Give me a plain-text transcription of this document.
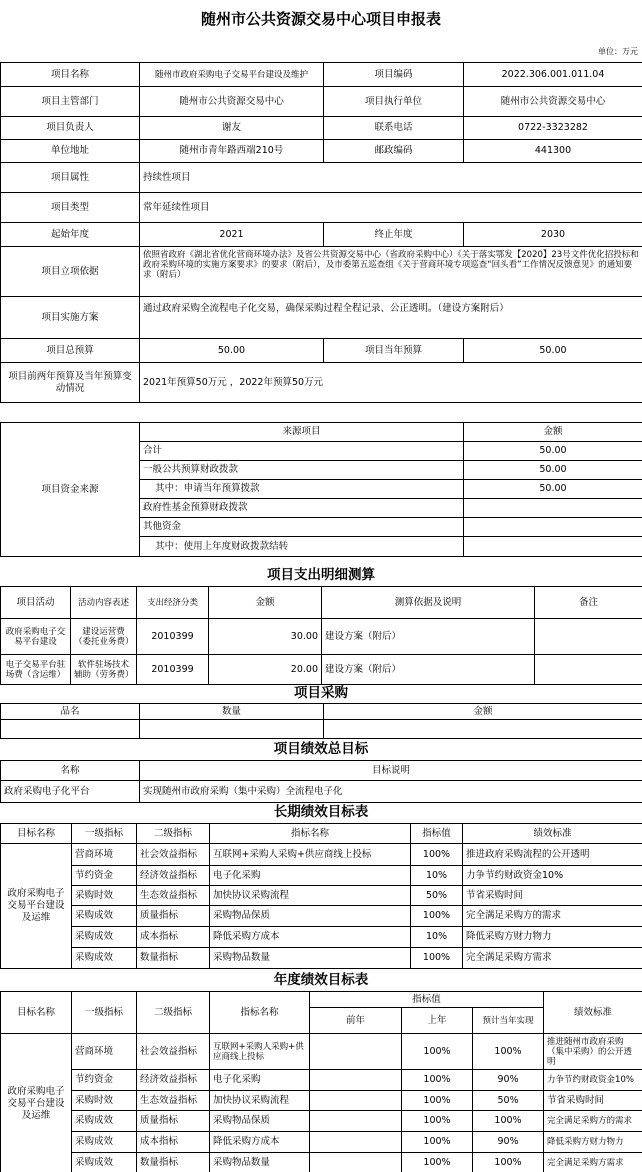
随州市公共资源交易中心项目申报表
单位：万元
项目名称	随州市政府采购电子交易平台建设及维护	项目编码	2022.306.001.011.04
项目主管部门	随州市公共资源交易中心	项目执行单位	随州市公共资源交易中心
项目负责人	谢友	联系电话	0722-3323282
单位地址	随州市青年路西端210号	邮政编码	441300
项目属性	持续性项目		
项目类型	常年延续性项目		
起始年度	2021	终止年度	2030
项目立项依据	依照省政府《湖北省优化营商环境办法》及省公共资源交易中心（省政府采购中心）《关于落实鄂发【2020】23号文件优化招投标和政府采购环境的实施方案要求》的要求（附后），及市委第五巡查组《关于营商环境专项巡查“回头看”工作情况反馈意见》的通知要求（附后）		
项目实施方案	通过政府采购全流程电子化交易，确保采购过程全程记录、公正透明。（建设方案附后）		
项目总预算	50.00	项目当年预算	50.00
项目前两年预算及当年预算变动情况	2021年预算50万元 ，2022年预算50万元		
项目资金来源	来源项目	金额
	合计	50.00
	一般公共预算财政拨款	50.00
	其中：申请当年预算拨款	50.00
	政府性基金预算财政拨款	
	其他资金	
	其中：使用上年度财政拨款结转	
项目支出明细测算
项目活动	活动内容表述	支出经济分类	金额	测算依据及说明	备注
政府采购电子交易平台建设	建设运营费（委托业务费）	2010399	30.00	建设方案（附后）	
电子交易平台驻场费（含运维）	软件驻场技术辅助（劳务费）	2010399	20.00	建设方案（附后）	
项目采购
品名	数量	金额

项目绩效总目标
名称	目标说明
政府采购电子化平台	实现随州市政府采购（集中采购）全流程电子化
长期绩效目标表
目标名称	一级指标	二级指标	指标名称	指标值	绩效标准
政府采购电子交易平台建设及运维	营商环境	社会效益指标	互联网+采购人采购+供应商线上投标	100%	推进政府采购流程的公开透明
	节约资金	经济效益指标	电子化采购	10%	力争节约财政资金10%
	采购时效	生态效益指标	加快协议采购流程	50%	节省采购时间
	采购成效	质量指标	采购物品保质	100%	完全满足采购方的需求
	采购成效	成本指标	降低采购方成本	10%	降低采购方财力物力
	采购成效	数量指标	采购物品数量	100%	完全满足采购方需求
年度绩效目标表
目标名称	一级指标	二级指标	指标名称	指标值			绩效标准
				前年	上年	预计当年实现	
政府采购电子交易平台建设及运维	营商环境	社会效益指标	互联网+采购人采购+供应商线上投标		100%	100%	推进随州市政府采购（集中采购）的公开透明
	节约资金	经济效益指标	电子化采购		100%	90%	力争节约财政资金10%
	采购时效	生态效益指标	加快协议采购流程		100%	50%	节省采购时间
	采购成效	质量指标	采购物品保质		100%	100%	完全满足采购方的需求
	采购成效	成本指标	降低采购方成本		100%	90%	降低采购方财力物力
	采购成效	数量指标	采购物品数量		100%	100%	完全满足采购方需求
